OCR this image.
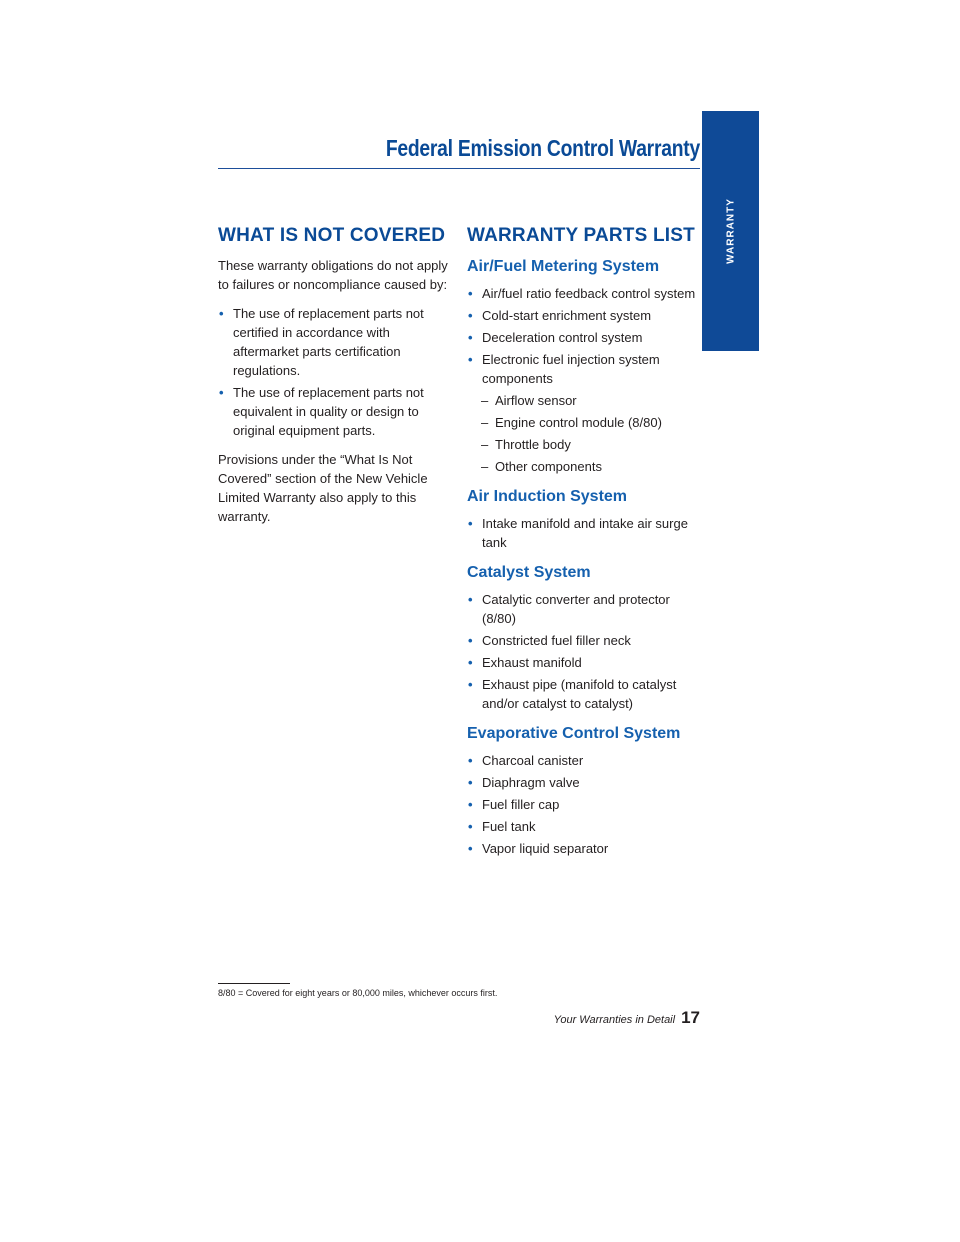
Federal Emission Control Warranty
WARRANTY
WHAT IS NOT COVERED

These warranty obligations do not apply to failures or noncompliance caused by:

• The use of replacement parts not certified in accordance with aftermarket parts certification regulations.
• The use of replacement parts not equivalent in quality or design to original equipment parts.

Provisions under the “What Is Not Covered” section of the New Vehicle Limited Warranty also apply to this warranty.

WARRANTY PARTS LIST
Air/Fuel Metering System
• Air/fuel ratio feedback control system
• Cold-start enrichment system
• Deceleration control system
• Electronic fuel injection system components
– Airflow sensor
– Engine control module (8/80)
– Throttle body
– Other components
Air Induction System
• Intake manifold and intake air surge tank
Catalyst System
• Catalytic converter and protector (8/80)
• Constricted fuel filler neck
• Exhaust manifold
• Exhaust pipe (manifold to catalyst and/or catalyst to catalyst)
Evaporative Control System
• Charcoal canister
• Diaphragm valve
• Fuel filler cap
• Fuel tank
• Vapor liquid separator
8/80 = Covered for eight years or 80,000 miles, whichever occurs first.
Your Warranties in Detail 17
